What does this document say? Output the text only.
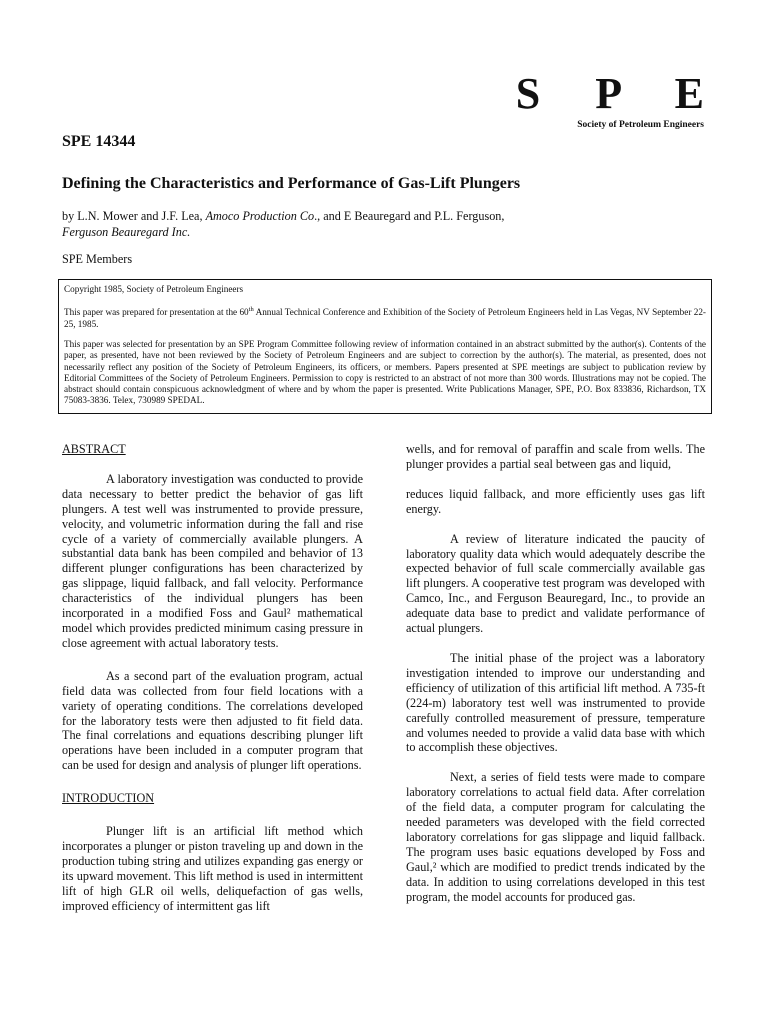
S P E
Society of Petroleum Engineers
SPE 14344
Defining the Characteristics and Performance of Gas-Lift Plungers
by L.N. Mower and J.F. Lea, Amoco Production Co., and E Beauregard and P.L. Ferguson,
Ferguson Beauregard Inc.
SPE Members

Copyright 1985, Society of Petroleum Engineers

This paper was prepared for presentation at the 60th Annual Technical Conference and Exhibition of the Society of Petroleum Engineers held in Las Vegas, NV September 22-25, 1985.

This paper was selected for presentation by an SPE Program Committee following review of information contained in an abstract submitted by the author(s). Contents of the paper, as presented, have not been reviewed by the Society of Petroleum Engineers and are subject to correction by the author(s). The material, as presented, does not necessarily reflect any position of the Society of Petroleum Engineers, its officers, or members. Papers presented at SPE meetings are subject to publication review by Editorial Committees of the Society of Petroleum Engineers. Permission to copy is restricted to an abstract of not more than 300 words. Illustrations may not be copied. The abstract should contain conspicuous acknowledgment of where and by whom the paper is presented. Write Publications Manager, SPE, P.O. Box 833836, Richardson, TX 75083-3836. Telex, 730989 SPEDAL.

ABSTRACT

A laboratory investigation was conducted to provide data necessary to better predict the behavior of gas lift plungers. A test well was instrumented to provide pressure, velocity, and volumetric information during the fall and rise cycle of a variety of commercially available plungers. A substantial data bank has been compiled and behavior of 13 different plunger configurations has been characterized by gas slippage, liquid fallback, and fall velocity. Performance characteristics of the individual plungers has been incorporated in a modified Foss and Gaul² mathematical model which provides predicted minimum casing pressure in close agreement with actual laboratory tests.

As a second part of the evaluation program, actual field data was collected from four field locations with a variety of operating conditions. The correlations developed for the laboratory tests were then adjusted to fit field data. The final correlations and equations describing plunger lift operations have been included in a computer program that can be used for design and analysis of plunger lift operations.

INTRODUCTION

Plunger lift is an artificial lift method which incorporates a plunger or piston traveling up and down in the production tubing string and utilizes expanding gas energy or its upward movement. This lift method is used in intermittent lift of high GLR oil wells, deliquefaction of gas wells, improved efficiency of intermittent gas lift

wells, and for removal of paraffin and scale from wells. The plunger provides a partial seal between gas and liquid,

reduces liquid fallback, and more efficiently uses gas lift energy.

A review of literature indicated the paucity of laboratory quality data which would adequately describe the expected behavior of full scale commercially available gas lift plungers. A cooperative test program was developed with Camco, Inc., and Ferguson Beauregard, Inc., to provide an adequate data base to predict and validate performance of actual plungers.

The initial phase of the project was a laboratory investigation intended to improve our understanding and efficiency of utilization of this artificial lift method. A 735-ft (224-m) laboratory test well was instrumented to provide carefully controlled measurement of pressure, temperature and volumes needed to provide a valid data base with which to accomplish these objectives.

Next, a series of field tests were made to compare laboratory correlations to actual field data. After correlation of the field data, a computer program for calculating the needed parameters was developed with the field corrected laboratory correlations for gas slippage and liquid fallback. The program uses basic equations developed by Foss and Gaul,² which are modified to predict trends indicated by the data. In addition to using correlations developed in this test program, the model accounts for produced gas.
